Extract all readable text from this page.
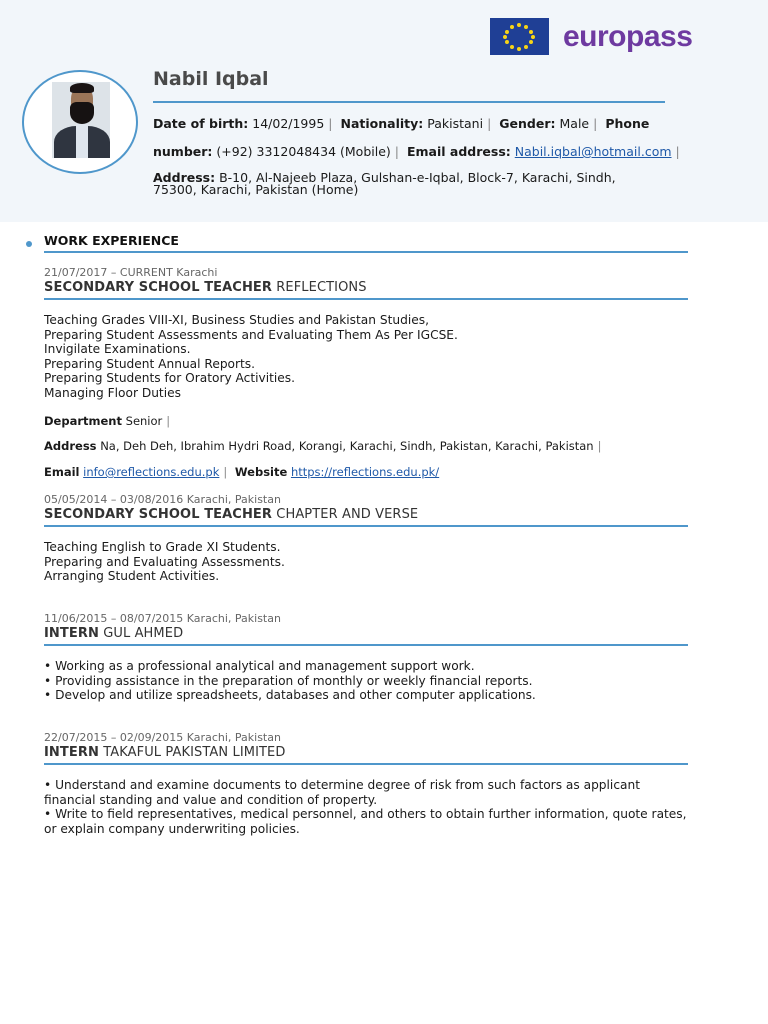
europass
Nabil Iqbal
Date of birth: 14/02/1995 | Nationality: Pakistani | Gender: Male | Phone
number: (+92) 3312048434 (Mobile) | Email address: Nabil.iqbal@hotmail.com |
Address: B-10, Al-Najeeb Plaza, Gulshan-e-Iqbal, Block-7, Karachi, Sindh,
75300, Karachi, Pakistan (Home)
WORK EXPERIENCE
21/07/2017 – CURRENT Karachi
SECONDARY SCHOOL TEACHER REFLECTIONS
Teaching Grades VIII-XI, Business Studies and Pakistan Studies,
Preparing Student Assessments and Evaluating Them As Per IGCSE.
Invigilate Examinations.
Preparing Student Annual Reports.
Preparing Students for Oratory Activities.
Managing Floor Duties
Department Senior |
Address Na, Deh Deh, Ibrahim Hydri Road, Korangi, Karachi, Sindh, Pakistan, Karachi, Pakistan |
Email info@reflections.edu.pk | Website https://reflections.edu.pk/
05/05/2014 – 03/08/2016 Karachi, Pakistan
SECONDARY SCHOOL TEACHER CHAPTER AND VERSE
Teaching English to Grade XI Students.
Preparing and Evaluating Assessments.
Arranging Student Activities.
11/06/2015 – 08/07/2015 Karachi, Pakistan
INTERN GUL AHMED
• Working as a professional analytical and management support work.
• Providing assistance in the preparation of monthly or weekly financial reports.
• Develop and utilize spreadsheets, databases and other computer applications.
22/07/2015 – 02/09/2015 Karachi, Pakistan
INTERN TAKAFUL PAKISTAN LIMITED
• Understand and examine documents to determine degree of risk from such factors as applicant
financial standing and value and condition of property.
• Write to field representatives, medical personnel, and others to obtain further information, quote rates,
or explain company underwriting policies.
